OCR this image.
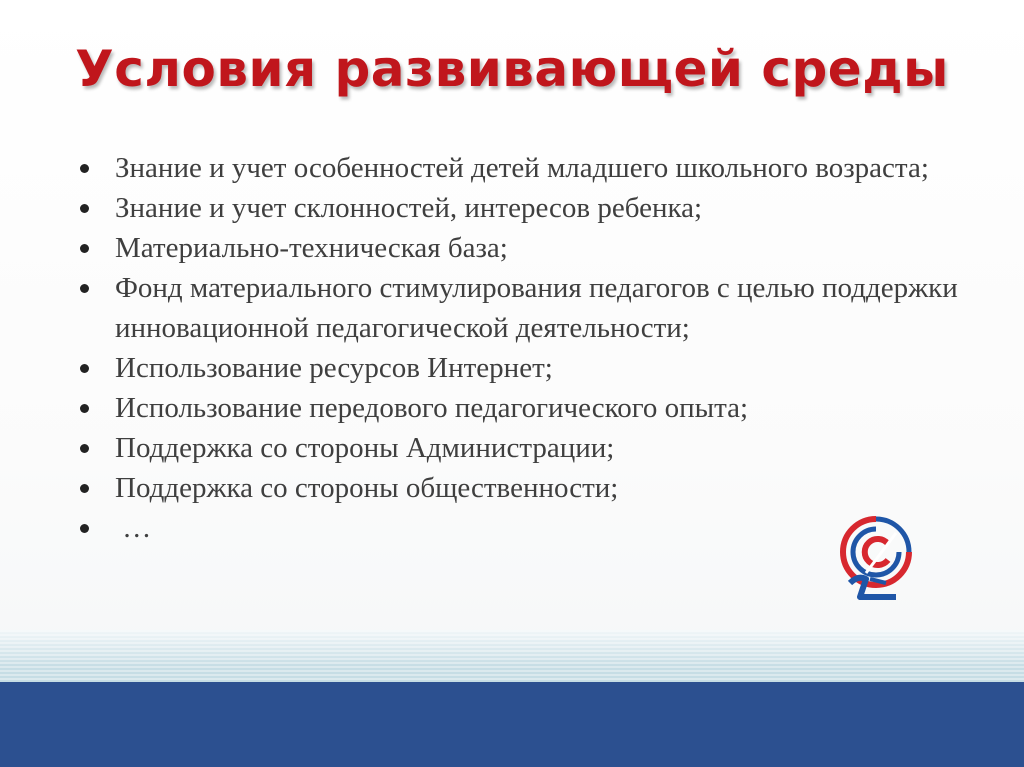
Условия развивающей среды
Знание и учет особенностей детей младшего школьного возраста;
Знание и учет склонностей, интересов ребенка;
Материально-техническая база;
Фонд материального стимулирования педагогов с целью поддержки инновационной педагогической деятельности;
Использование ресурсов Интернет;
Использование передового педагогического опыта;
Поддержка со стороны Администрации;
Поддержка со стороны общественности;
…
